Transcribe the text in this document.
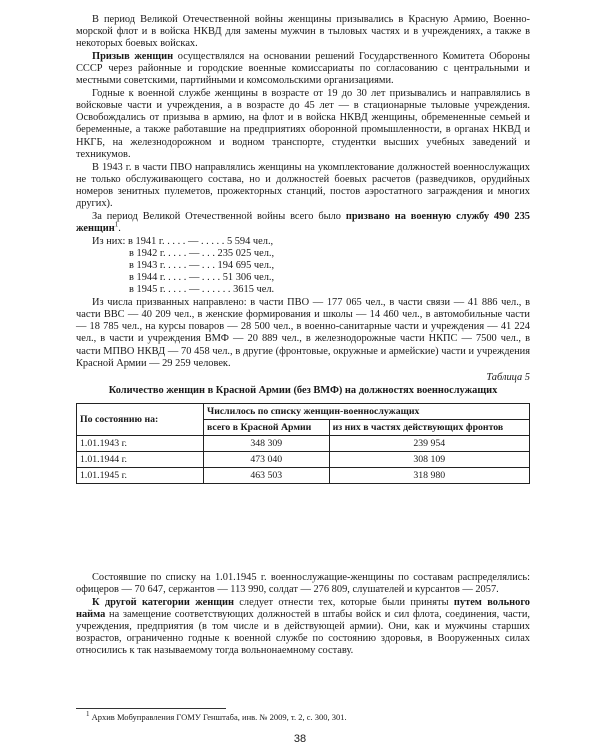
В период Великой Отечественной войны женщины призывались в Красную Армию, Военно-морской флот и в войска НКВД для замены мужчин в тыловых частях и в учреждениях, а также в некоторых боевых войсках.

Призыв женщин осуществлялся на основании решений Государственного Комитета Обороны СССР через районные и городские военные комиссариаты по согласованию с центральными и местными советскими, партийными и комсомольскими организациями.

Годные к военной службе женщины в возрасте от 19 до 30 лет призывались и направлялись в войсковые части и учреждения, а в возрасте до 45 лет — в стационарные тыловые учреждения. Освобождались от призыва в армию, на флот и в войска НКВД женщины, обремененные семьей и беременные, а также работавшие на предприятиях оборонной промышленности, в органах НКВД и НКГБ, на железнодорожном и водном транспорте, студентки высших учебных заведений и техникумов.

В 1943 г. в части ПВО направлялись женщины на укомплектование должностей военнослужащих не только обслуживающего состава, но и должностей боевых расчетов (разведчиков, орудийных номеров зенитных пулеметов, прожекторных станций, постов аэростатного заграждения и многих других).

За период Великой Отечественной войны всего было призвано на военную службу 490 235 женщин$^1$.

Из них: в 1941 г. . . . . — . . . . . 5 594 чел.,
в 1942 г. . . . . — . . . 235 025 чел.,
в 1943 г. . . . . — . . . 194 695 чел.,
в 1944 г. . . . . — . . . . 51 306 чел.,
в 1945 г. . . . . — . . . . . . 3615 чел.

Из числа призванных направлено: в части ПВО — 177 065 чел., в части связи — 41 886 чел., в части ВВС — 40 209 чел., в женские формирования и школы — 14 460 чел., в автомобильные части — 18 785 чел., на курсы поваров — 28 500 чел., в военно-санитарные части и учреждения — 41 224 чел., в части и учреждения ВМФ — 20 889 чел., в железнодорожные части НКПС — 7500 чел., в части МПВО НКВД — 70 458 чел., в другие (фронтовые, окружные и армейские) части и учреждения Красной Армии — 29 259 человек.

Таблица 5

Количество женщин в Красной Армии (без ВМФ) на должностях военнослужащих

По состоянию на:	Числилось по списку женщин-военнослужащих	
	всего в Красной Армии	из них в частях действующих фронтов
1.01.1943 г.	348 309	239 954
1.01.1944 г.	473 040	308 109
1.01.1945 г.	463 503	318 980

Состоявшие по списку на 1.01.1945 г. военнослужащие-женщины по составам распределялись: офицеров — 70 647, сержантов — 113 990, солдат — 276 809, слушателей и курсантов — 2057.

К другой категории женщин следует отнести тех, которые были приняты путем вольного найма на замещение соответствующих должностей в штабы войск и сил флота, соединения, части, учреждения, предприятия (в том числе и в действующей армии). Они, как и мужчины старших возрастов, ограниченно годные к военной службе по состоянию здоровья, в Вооруженных силах относились к так называемому тогда вольнонаемному составу.

$^1$ Архив Мобуправления ГОМУ Генштаба, инв. № 2009, т. 2, с. 300, 301.
38
